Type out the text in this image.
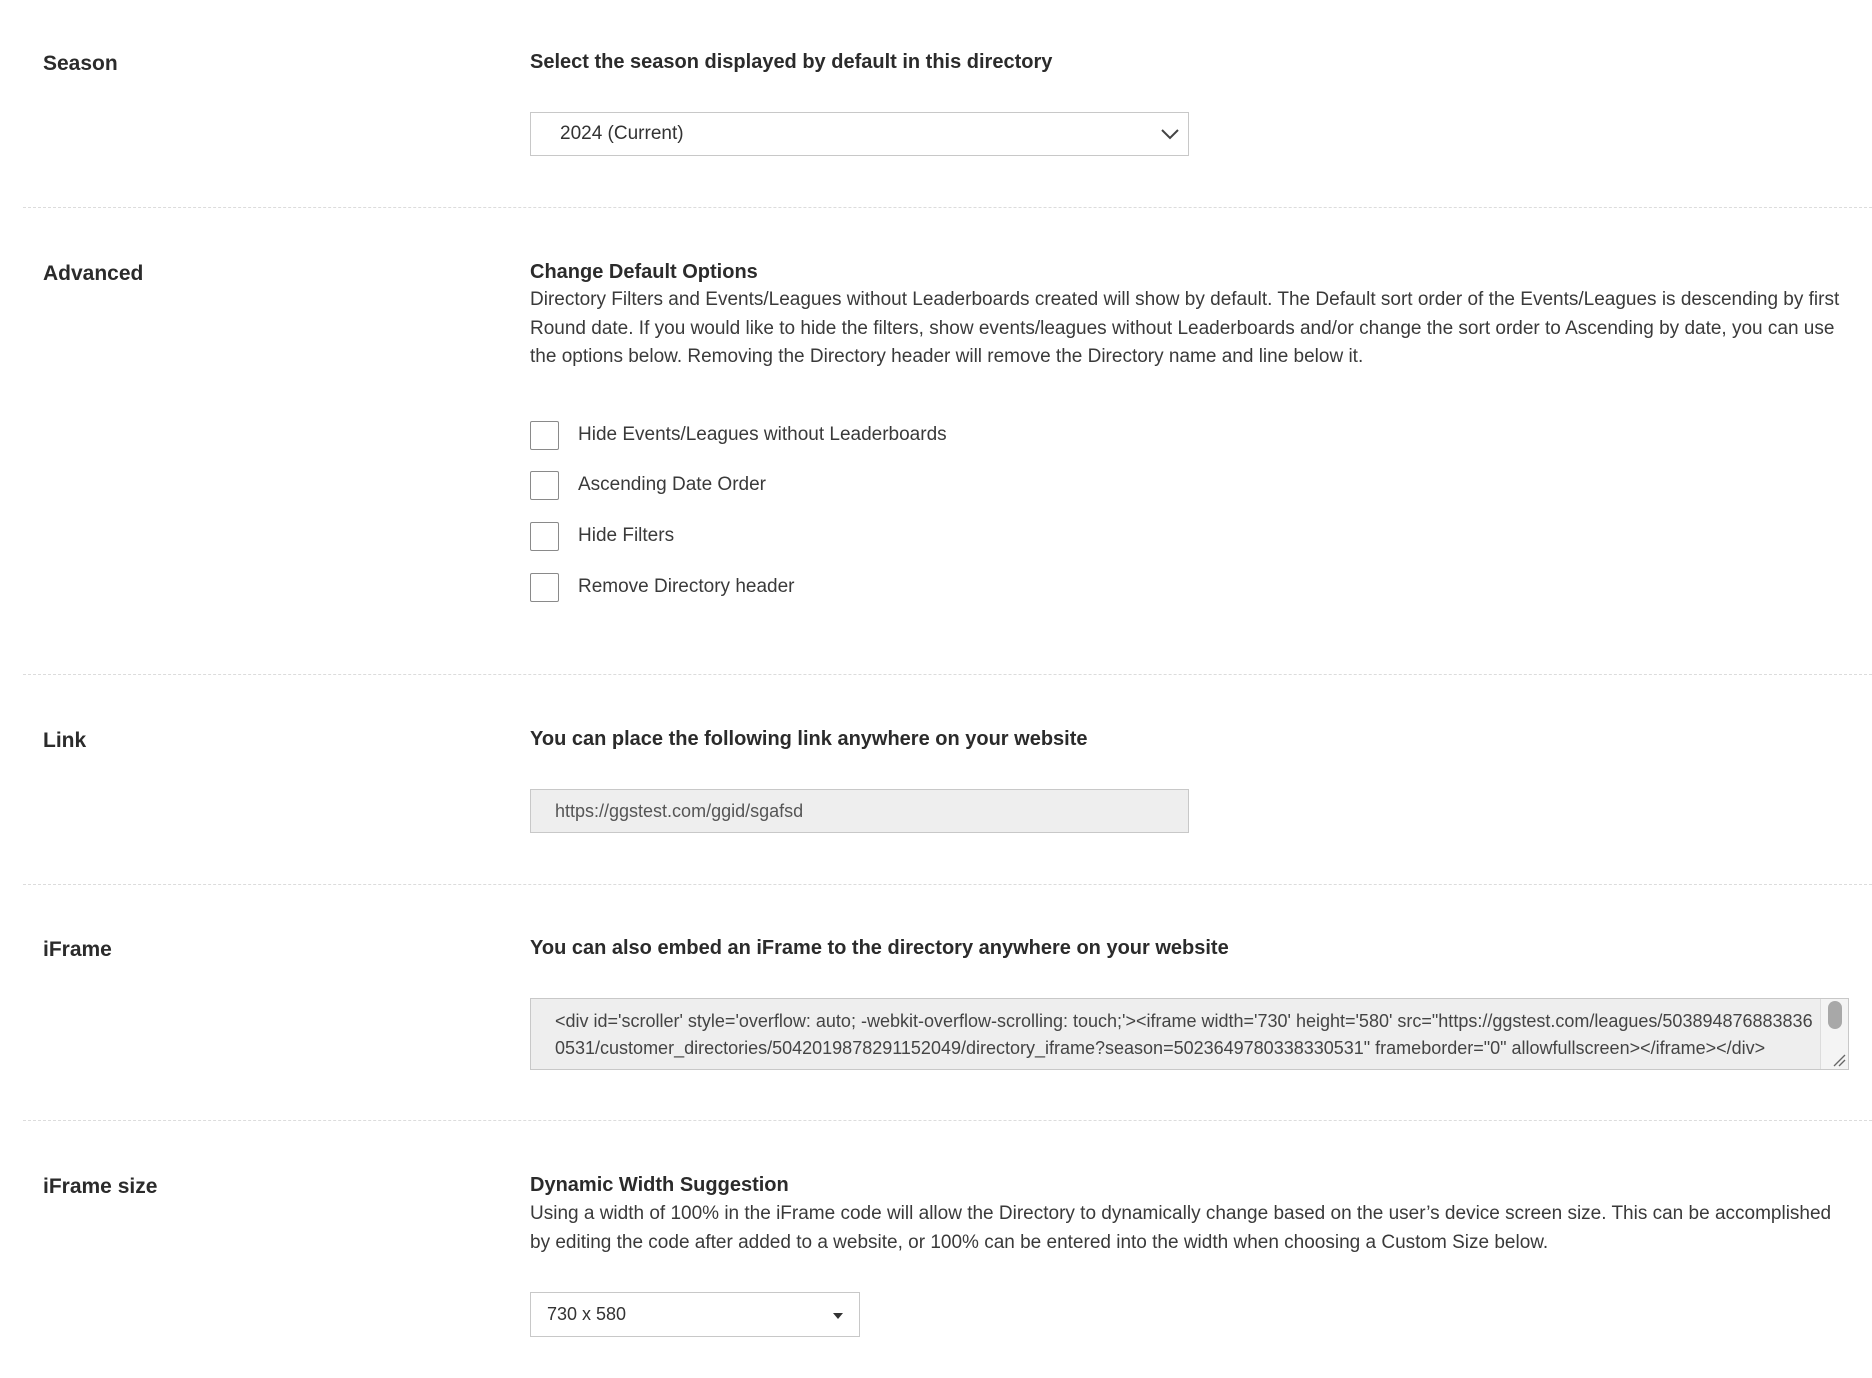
Season	Select the season displayed by default in this directory
2024 (Current)
Advanced	Change Default Options
Directory Filters and Events/Leagues without Leaderboards created will show by default. The Default sort order of the Events/Leagues is descending by first Round date. If you would like to hide the filters, show events/leagues without Leaderboards and/or change the sort order to Ascending by date, you can use the options below. Removing the Directory header will remove the Directory name and line below it.
Hide Events/Leagues without Leaderboards
Ascending Date Order
Hide Filters
Remove Directory header
Link	You can place the following link anywhere on your website
https://ggstest.com/ggid/sgafsd
iFrame	You can also embed an iFrame to the directory anywhere on your website
<div id='scroller' style='overflow: auto; -webkit-overflow-scrolling: touch;'><iframe width='730' height='580' src="https://ggstest.com/leagues/5038948768838360531/customer_directories/5042019878291152049/directory_iframe?season=5023649780338330531" frameborder="0" allowfullscreen></iframe></div>
iFrame size	Dynamic Width Suggestion
Using a width of 100% in the iFrame code will allow the Directory to dynamically change based on the user’s device screen size. This can be accomplished by editing the code after added to a website, or 100% can be entered into the width when choosing a Custom Size below.
730 x 580
